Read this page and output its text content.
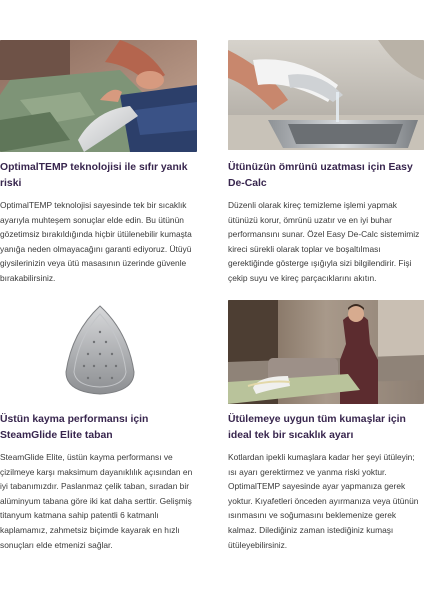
OptimalTEMP teknolojisi ile sıfır yanık riski
OptimalTEMP teknolojisi sayesinde tek bir sıcaklık ayarıyla muhteşem sonuçlar elde edin. Bu ütünün gözetimsiz bırakıldığında hiçbir ütülenebilir kumaşta yanığa neden olmayacağını garanti ediyoruz. Ütüyü giysilerinizin veya ütü masasının üzerinde güvenle bırakabilirsiniz.
Ütünüzün ömrünü uzatması için Easy De-Calc
Düzenli olarak kireç temizleme işlemi yapmak ütünüzü korur, ömrünü uzatır ve en iyi buhar performansını sunar. Özel Easy De-Calc sistemimiz kireci sürekli olarak toplar ve boşaltılması gerektiğinde gösterge ışığıyla sizi bilgilendirir. Fişi çekip suyu ve kireç parçacıklarını akıtın.
Üstün kayma performansı için SteamGlide Elite taban
SteamGlide Elite, üstün kayma performansı ve çizilmeye karşı maksimum dayanıklılık açısından en iyi tabanımızdır. Paslanmaz çelik taban, sıradan bir alüminyum tabana göre iki kat daha serttir. Gelişmiş titanyum katmana sahip patentli 6 katmanlı kaplamamız, zahmetsiz biçimde kayarak en hızlı sonuçları elde etmenizi sağlar.
Ütülemeye uygun tüm kumaşlar için ideal tek bir sıcaklık ayarı
Kotlardan ipekli kumaşlara kadar her şeyi ütüleyin; ısı ayarı gerektirmez ve yanma riski yoktur. OptimalTEMP sayesinde ayar yapmanıza gerek yoktur. Kıyafetleri önceden ayırmanıza veya ütünün ısınmasını ve soğumasını beklemenize gerek kalmaz. Dilediğiniz zaman istediğiniz kumaşı ütüleyebilirsiniz.
